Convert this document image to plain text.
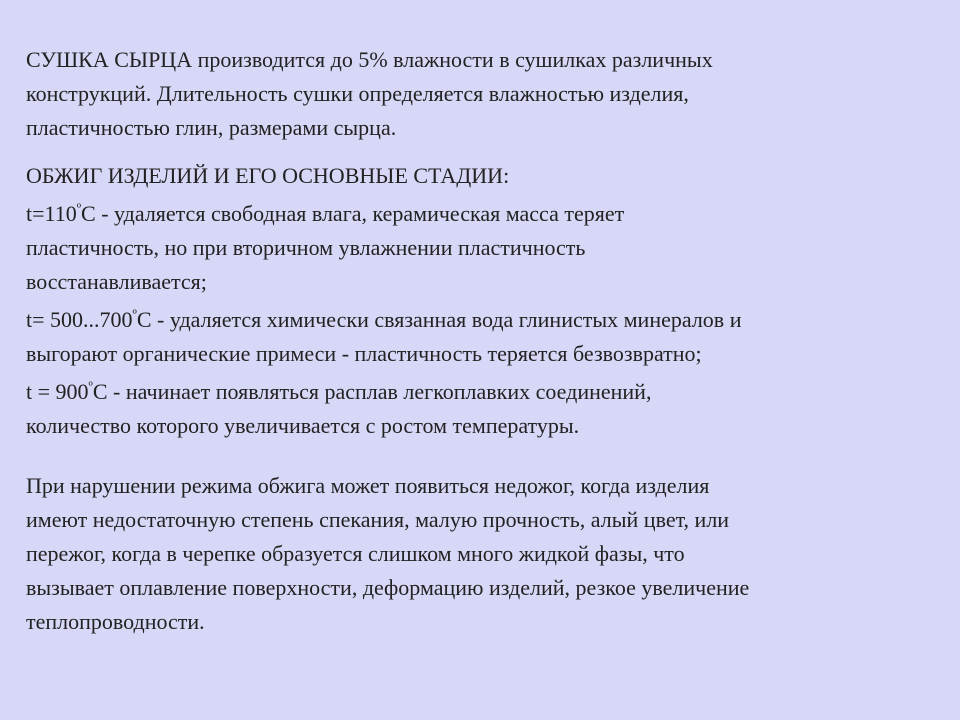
СУШКА СЫРЦА производится до 5% влажности в сушилках различных
конструкций. Длительность сушки определяется влажностью изделия,
пластичностью глин, размерами сырца.

ОБЖИГ ИЗДЕЛИЙ И ЕГО ОСНОВНЫЕ СТАДИИ:

$t=110^ºС$ - удаляется свободная влага, керамическая масса теряет
пластичность, но при вторичном увлажнении пластичность
восстанавливается;

$t= 500...700^ºС$ - удаляется химически связанная вода глинистых минералов и
выгорают органические примеси - пластичность теряется безвозвратно;

$t = 900^ºС$ - начинает появляться расплав легкоплавких соединений,
количество которого увеличивается с ростом температуры.

При нарушении режима обжига может появиться недожог, когда изделия
имеют недостаточную степень спекания, малую прочность, алый цвет, или
пережог, когда в черепке образуется слишком много жидкой фазы, что
вызывает оплавление поверхности, деформацию изделий, резкое увеличение
теплопроводности.
